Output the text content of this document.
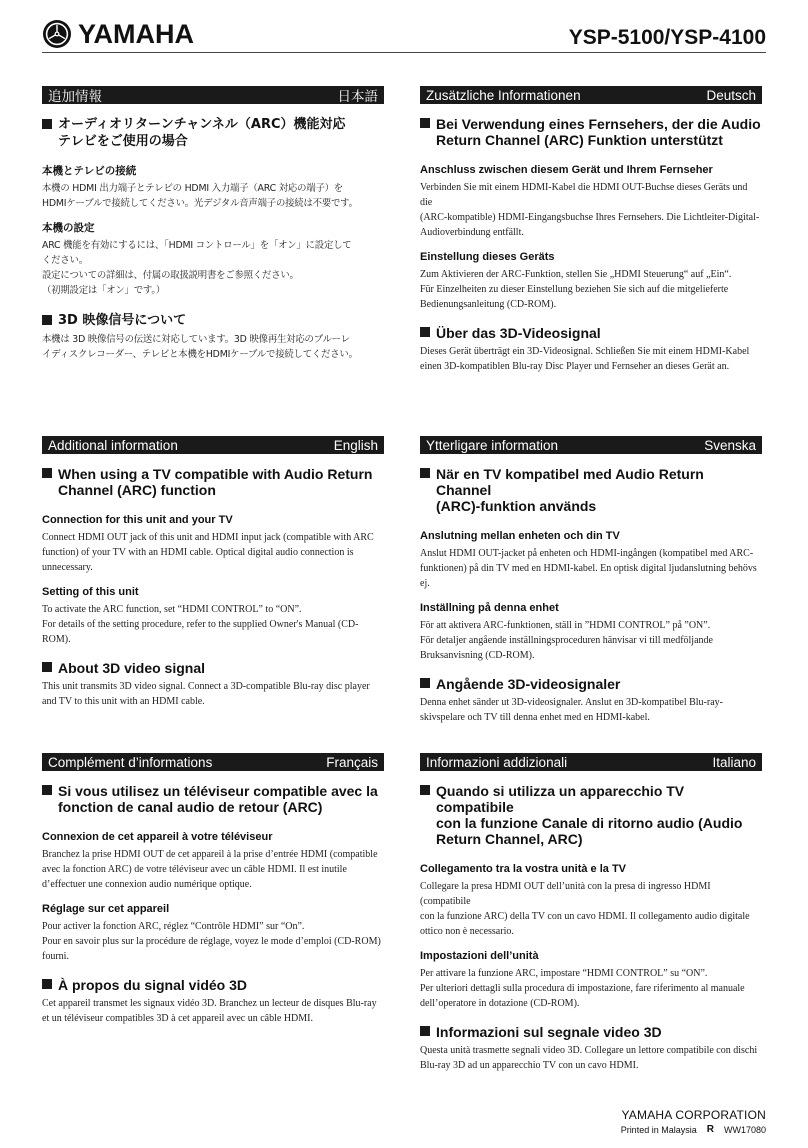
YAMAHA	YSP-5100/YSP-4100
追加情報	日本語
オーディオリターンチャンネル（ARC）機能対応
テレビをご使用の場合
本機とテレビの接続
本機の HDMI 出力端子とテレビの HDMI 入力端子（ARC 対応の端子）を
HDMIケーブルで接続してください。光デジタル音声端子の接続は不要です。
本機の設定
ARC 機能を有効にするには、「HDMI コントロール」を「オン」に設定して
ください。
設定についての詳細は、付属の取扱説明書をご参照ください。
（初期設定は「オン」です。）
3D 映像信号について
本機は 3D 映像信号の伝送に対応しています。3D 映像再生対応のブルーレ
イディスクレコーダー、テレビと本機をHDMIケーブルで接続してください。
Zusätzliche Informationen	Deutsch
Bei Verwendung eines Fernsehers, der die Audio
Return Channel (ARC) Funktion unterstützt
Anschluss zwischen diesem Gerät und Ihrem Fernseher
Verbinden Sie mit einem HDMI-Kabel die HDMI OUT-Buchse dieses Geräts und die
(ARC-kompatible) HDMI-Eingangsbuchse Ihres Fernsehers. Die Lichtleiter-Digital-
Audioverbindung entfällt.
Einstellung dieses Geräts
Zum Aktivieren der ARC-Funktion, stellen Sie „HDMI Steuerung“ auf „Ein“.
Für Einzelheiten zu dieser Einstellung beziehen Sie sich auf die mitgelieferte
Bedienungsanleitung (CD-ROM).
Über das 3D-Videosignal
Dieses Gerät überträgt ein 3D-Videosignal. Schließen Sie mit einem HDMI-Kabel
einen 3D-kompatiblen Blu-ray Disc Player und Fernseher an dieses Gerät an.
Additional information	English
When using a TV compatible with Audio Return
Channel (ARC) function
Connection for this unit and your TV
Connect HDMI OUT jack of this unit and HDMI input jack (compatible with ARC
function) of your TV with an HDMI cable. Optical digital audio connection is
unnecessary.
Setting of this unit
To activate the ARC function, set “HDMI CONTROL” to “ON”.
For details of the setting procedure, refer to the supplied Owner's Manual (CD-
ROM).
About 3D video signal
This unit transmits 3D video signal. Connect a 3D-compatible Blu-ray disc player
and TV to this unit with an HDMI cable.
Ytterligare information	Svenska
När en TV kompatibel med Audio Return Channel
(ARC)-funktion används
Anslutning mellan enheten och din TV
Anslut HDMI OUT-jacket på enheten och HDMI-ingången (kompatibel med ARC-
funktionen) på din TV med en HDMI-kabel. En optisk digital ljudanslutning behövs
ej.
Inställning på denna enhet
För att aktivera ARC-funktionen, ställ in ”HDMI CONTROL” på ”ON”.
För detaljer angående inställningsproceduren hänvisar vi till medföljande
Bruksanvisning (CD-ROM).
Angående 3D-videosignaler
Denna enhet sänder ut 3D-videosignaler. Anslut en 3D-kompatibel Blu-ray-
skivspelare och TV till denna enhet med en HDMI-kabel.
Complément d’informations	Français
Si vous utilisez un téléviseur compatible avec la
fonction de canal audio de retour (ARC)
Connexion de cet appareil à votre téléviseur
Branchez la prise HDMI OUT de cet appareil à la prise d’entrée HDMI (compatible
avec la fonction ARC) de votre téléviseur avec un câble HDMI. Il est inutile
d’effectuer une connexion audio numérique optique.
Réglage sur cet appareil
Pour activer la fonction ARC, réglez “Contrôle HDMI” sur “On”.
Pour en savoir plus sur la procédure de réglage, voyez le mode d’emploi (CD-ROM)
fourni.
À propos du signal vidéo 3D
Cet appareil transmet les signaux vidéo 3D. Branchez un lecteur de disques Blu-ray
et un téléviseur compatibles 3D à cet appareil avec un câble HDMI.
Informazioni addizionali	Italiano
Quando si utilizza un apparecchio TV compatibile
con la funzione Canale di ritorno audio (Audio
Return Channel, ARC)
Collegamento tra la vostra unità e la TV
Collegare la presa HDMI OUT dell’unità con la presa di ingresso HDMI (compatibile
con la funzione ARC) della TV con un cavo HDMI. Il collegamento audio digitale
ottico non è necessario.
Impostazioni dell’unità
Per attivare la funzione ARC, impostare “HDMI CONTROL” su “ON”.
Per ulteriori dettagli sulla procedura di impostazione, fare riferimento al manuale
dell’operatore in dotazione (CD-ROM).
Informazioni sul segnale video 3D
Questa unità trasmette segnali video 3D. Collegare un lettore compatibile con dischi
Blu-ray 3D ad un apparecchio TV con un cavo HDMI.
YAMAHA CORPORATION
Printed in Malaysia R WW17080
